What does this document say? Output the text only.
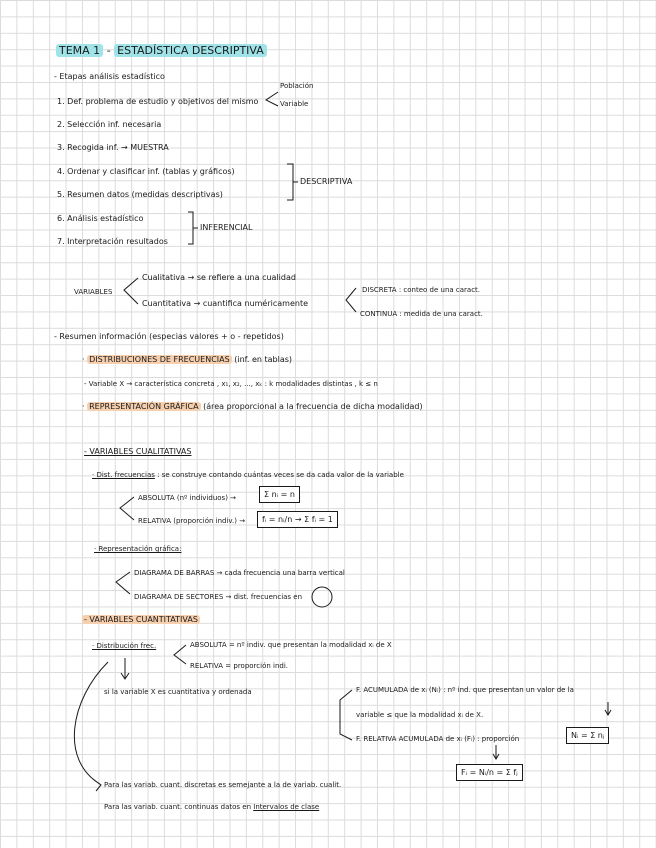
TEMA 1 - ESTADÍSTICA DESCRIPTIVA
- Etapas análisis estadístico
1. Def. problema de estudio y objetivos del mismo
Población
Variable
2. Selección inf. necesaria
3. Recogida inf. → MUESTRA
4. Ordenar y clasificar inf. (tablas y gráficos)
5. Resumen datos (medidas descriptivas)
DESCRIPTIVA
6. Análisis estadístico
7. Interpretación resultados
INFERENCIAL
VARIABLES
Cualitativa → se refiere a una cualidad
Cuantitativa → cuantifica numéricamente
DISCRETA : conteo de una caract.
CONTINUA : medida de una caract.
- Resumen información (especias valores + o - repetidos)
· DISTRIBUCIONES DE FRECUENCIAS (inf. en tablas)
- Variable X → característica concreta , x₁, x₂, ..., xₖ : k modalidades distintas , k ≤ n
· REPRESENTACIÓN GRÁFICA (área proporcional a la frecuencia de dicha modalidad)
- VARIABLES CUALITATIVAS
· Dist. frecuencias : se construye contando cuántas veces se da cada valor de la variable
ABSOLUTA (nº individuos) →	Σ nᵢ = n
RELATIVA (proporción indiv.) →	fᵢ = nᵢ/n → Σ fᵢ = 1
· Representación gráfica:
DIAGRAMA DE BARRAS → cada frecuencia una barra vertical
DIAGRAMA DE SECTORES → dist. frecuencias en
- VARIABLES CUANTITATIVAS
· Distribución frec.	ABSOLUTA = nº indiv. que presentan la modalidad xᵢ de X
RELATIVA = proporción indi.
si la variable X es cuantitativa y ordenada	F. ACUMULADA de xᵢ (Nᵢ) : nº ind. que presentan un valor de la
variable ≤ que la modalidad xᵢ de X.
F. RELATIVA ACUMULADA de xᵢ (Fᵢ) : proporción	Nᵢ = Σ nⱼ
Fᵢ = Nᵢ/n = Σ fⱼ
Para las variab. cuant. discretas es semejante a la de variab. cualit.
Para las variab. cuant. continuas datos en Intervalos de clase
